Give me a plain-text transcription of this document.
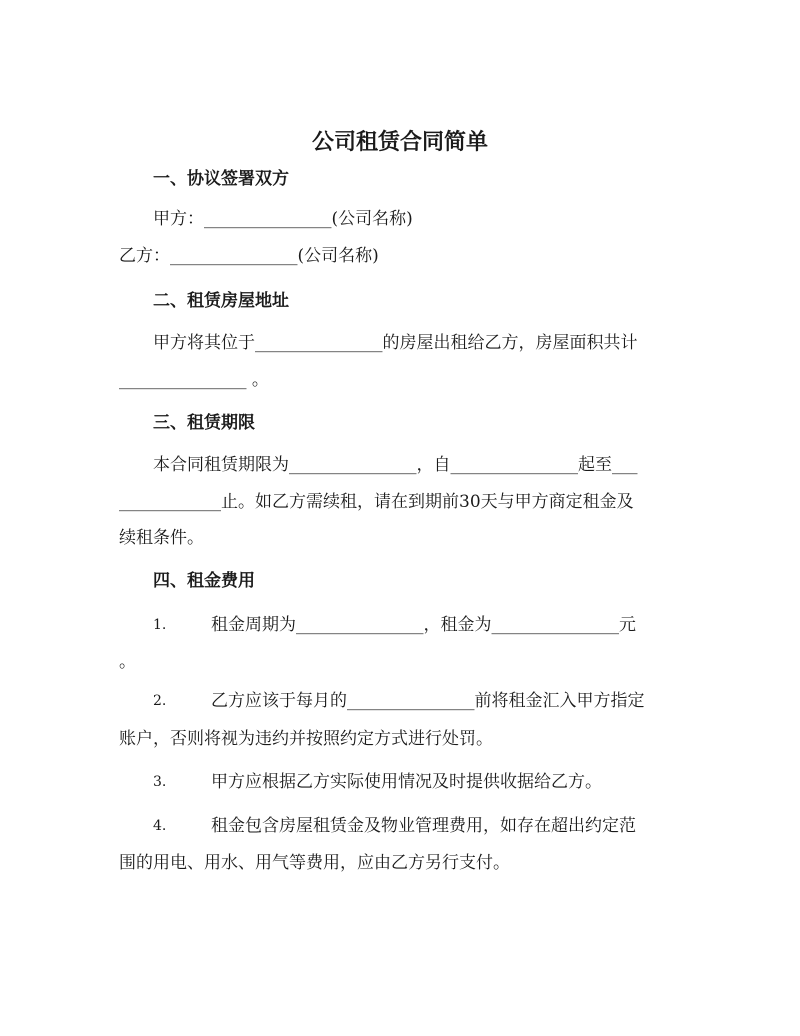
公司租赁合同简单
一、协议签署双方
甲方：_______________(公司名称)
乙方：_______________(公司名称)
二、租赁房屋地址
甲方将其位于_______________的房屋出租给乙方，房屋面积共计
_______________ 。
三、租赁期限
本合同租赁期限为_______________，自_______________起至___
____________止。如乙方需续租，请在到期前30天与甲方商定租金及
续租条件。
四、租金费用
1.	租金周期为_______________，租金为_______________元
。
2.	乙方应该于每月的_______________前将租金汇入甲方指定
账户，否则将视为违约并按照约定方式进行处罚。
3.	甲方应根据乙方实际使用情况及时提供收据给乙方。
4.	租金包含房屋租赁金及物业管理费用，如存在超出约定范
围的用电、用水、用气等费用，应由乙方另行支付。
